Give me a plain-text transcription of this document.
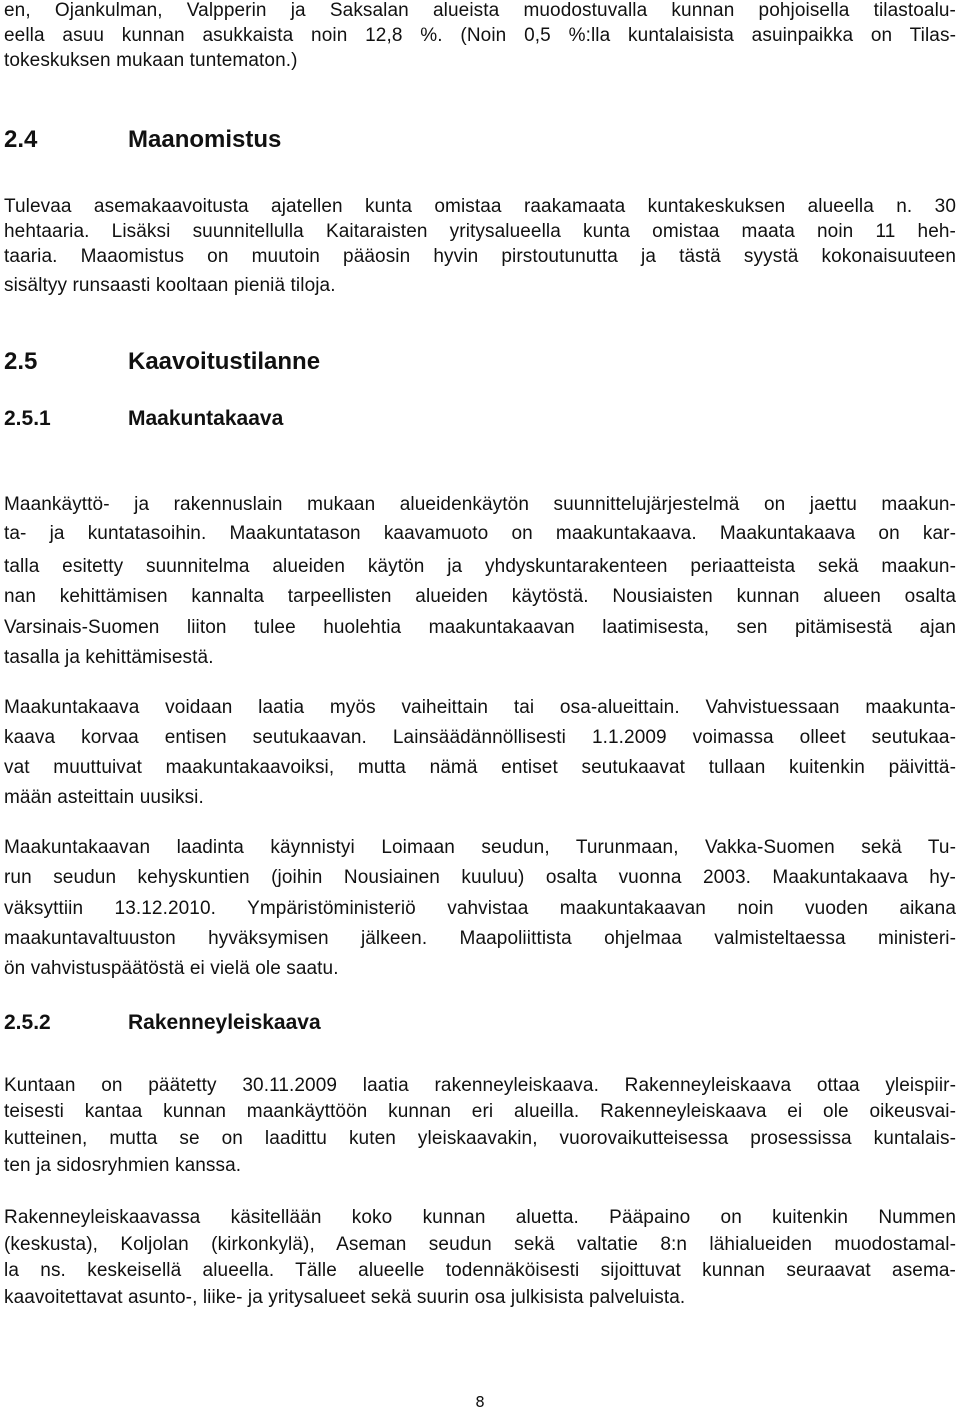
en, Ojankulman, Valpperin ja Saksalan alueista muodostuvalla kunnan pohjoisella tilastoalu-

eella asuu kunnan asukkaista noin 12,8 %. (Noin 0,5 %:lla kuntalaisista asuinpaikka on Tilas-

tokeskuksen mukaan tuntematon.)

2.4	Maanomistus

Tulevaa asemakaavoitusta ajatellen kunta omistaa raakamaata kuntakeskuksen alueella n. 30

hehtaaria. Lisäksi suunnitellulla Kaitaraisten yritysalueella kunta omistaa maata noin 11 heh-

taaria. Maaomistus on muutoin pääosin hyvin pirstoutunutta ja tästä syystä kokonaisuuteen

sisältyy runsaasti kooltaan pieniä tiloja.

2.5	Kaavoitustilanne
2.5.1	Maakuntakaava

Maankäyttö- ja rakennuslain mukaan alueidenkäytön suunnittelujärjestelmä on jaettu maakun-

ta- ja kuntatasoihin. Maakuntatason kaavamuoto on maakuntakaava. Maakuntakaava on kar-

talla esitetty suunnitelma alueiden käytön ja yhdyskuntarakenteen periaatteista sekä maakun-

nan kehittämisen kannalta tarpeellisten alueiden käytöstä. Nousiaisten kunnan alueen osalta

Varsinais-Suomen liiton tulee huolehtia maakuntakaavan laatimisesta, sen pitämisestä ajan

tasalla ja kehittämisestä.

Maakuntakaava voidaan laatia myös vaiheittain tai osa-alueittain. Vahvistuessaan maakunta-

kaava korvaa entisen seutukaavan. Lainsäädännöllisesti 1.1.2009 voimassa olleet seutukaa-

vat muuttuivat maakuntakaavoiksi, mutta nämä entiset seutukaavat tullaan kuitenkin päivittä-

mään asteittain uusiksi.

Maakuntakaavan laadinta käynnistyi Loimaan seudun, Turunmaan, Vakka-Suomen sekä Tu-

run seudun kehyskuntien (joihin Nousiainen kuuluu) osalta vuonna 2003. Maakuntakaava hy-

väksyttiin 13.12.2010. Ympäristöministeriö vahvistaa maakuntakaavan noin vuoden aikana

maakuntavaltuuston hyväksymisen jälkeen. Maapoliittista ohjelmaa valmisteltaessa ministeri-

ön vahvistuspäätöstä ei vielä ole saatu.

2.5.2	Rakenneyleiskaava

Kuntaan on päätetty 30.11.2009 laatia rakenneyleiskaava. Rakenneyleiskaava ottaa yleispiir-

teisesti kantaa kunnan maankäyttöön kunnan eri alueilla. Rakenneyleiskaava ei ole oikeusvai-

kutteinen, mutta se on laadittu kuten yleiskaavakin, vuorovaikutteisessa prosessissa kuntalais-

ten ja sidosryhmien kanssa.

Rakenneyleiskaavassa käsitellään koko kunnan aluetta. Pääpaino on kuitenkin Nummen

(keskusta), Koljolan (kirkonkylä), Aseman seudun sekä valtatie 8:n lähialueiden muodostamal-

la ns. keskeisellä alueella. Tälle alueelle todennäköisesti sijoittuvat kunnan seuraavat asema-

kaavoitettavat asunto-, liike- ja yritysalueet sekä suurin osa julkisista palveluista.

8
